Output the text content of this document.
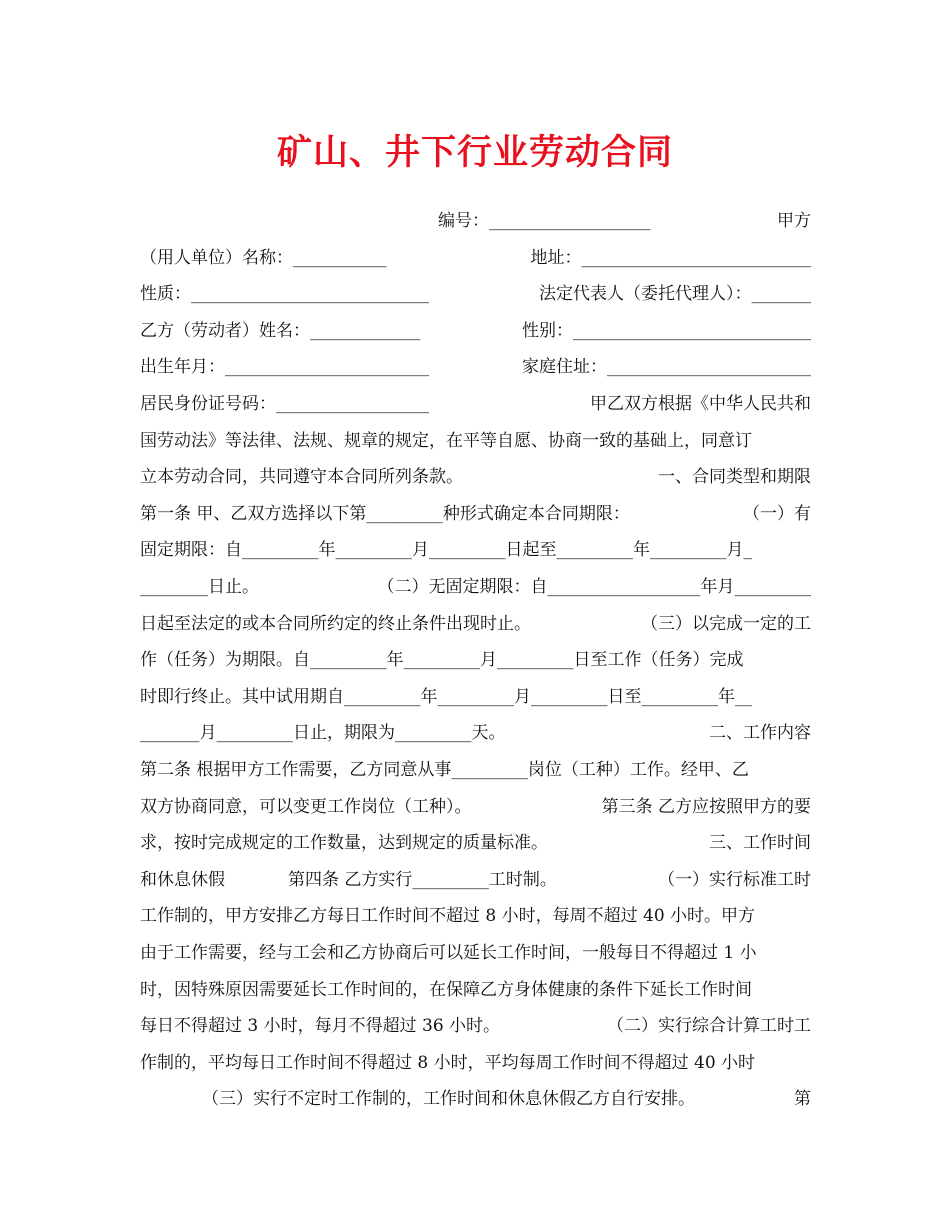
矿山、井下行业劳动合同
编号：___________________	甲方
（用人单位）名称：___________	地址：___________________________
性质：____________________________	法定代表人（委托代理人）：_______
乙方（劳动者）姓名：_____________	性别：____________________________
出生年月：________________________	家庭住址：________________________
居民身份证号码：__________________	甲乙双方根据《中华人民共和
国劳动法》等法律、法规、规章的规定，在平等自愿、协商一致的基础上，同意订
立本劳动合同，共同遵守本合同所列条款。	一、合同类型和期限
第一条 甲、乙双方选择以下第_________种形式确定本合同期限：	（一）有
固定期限：自_________年_________月_________日起至_________年_________月_
________日止。	（二）无固定期限：自__________________年月_________
日起至法定的或本合同所约定的终止条件出现时止。	（三）以完成一定的工
作（任务）为期限。自_________年_________月_________日至工作（任务）完成
时即行终止。其中试用期自_________年_________月_________日至_________年__
_______月_________日止，期限为_________天。	二、工作内容
第二条 根据甲方工作需要，乙方同意从事_________岗位（工种）工作。经甲、乙
双方协商同意，可以变更工作岗位（工种）。	第三条 乙方应按照甲方的要
求，按时完成规定的工作数量，达到规定的质量标准。	三、工作时间
和休息休假	第四条 乙方实行_________工时制。	（一）实行标准工时
工作制的，甲方安排乙方每日工作时间不超过 8 小时，每周不超过 40 小时。甲方
由于工作需要，经与工会和乙方协商后可以延长工作时间，一般每日不得超过 1 小
时，因特殊原因需要延长工作时间的，在保障乙方身体健康的条件下延长工作时间
每日不得超过 3 小时，每月不得超过 36 小时。	（二）实行综合计算工时工
作制的，平均每日工作时间不得超过 8 小时，平均每周工作时间不得超过 40 小时
（三）实行不定时工作制的，工作时间和休息休假乙方自行安排。	第
